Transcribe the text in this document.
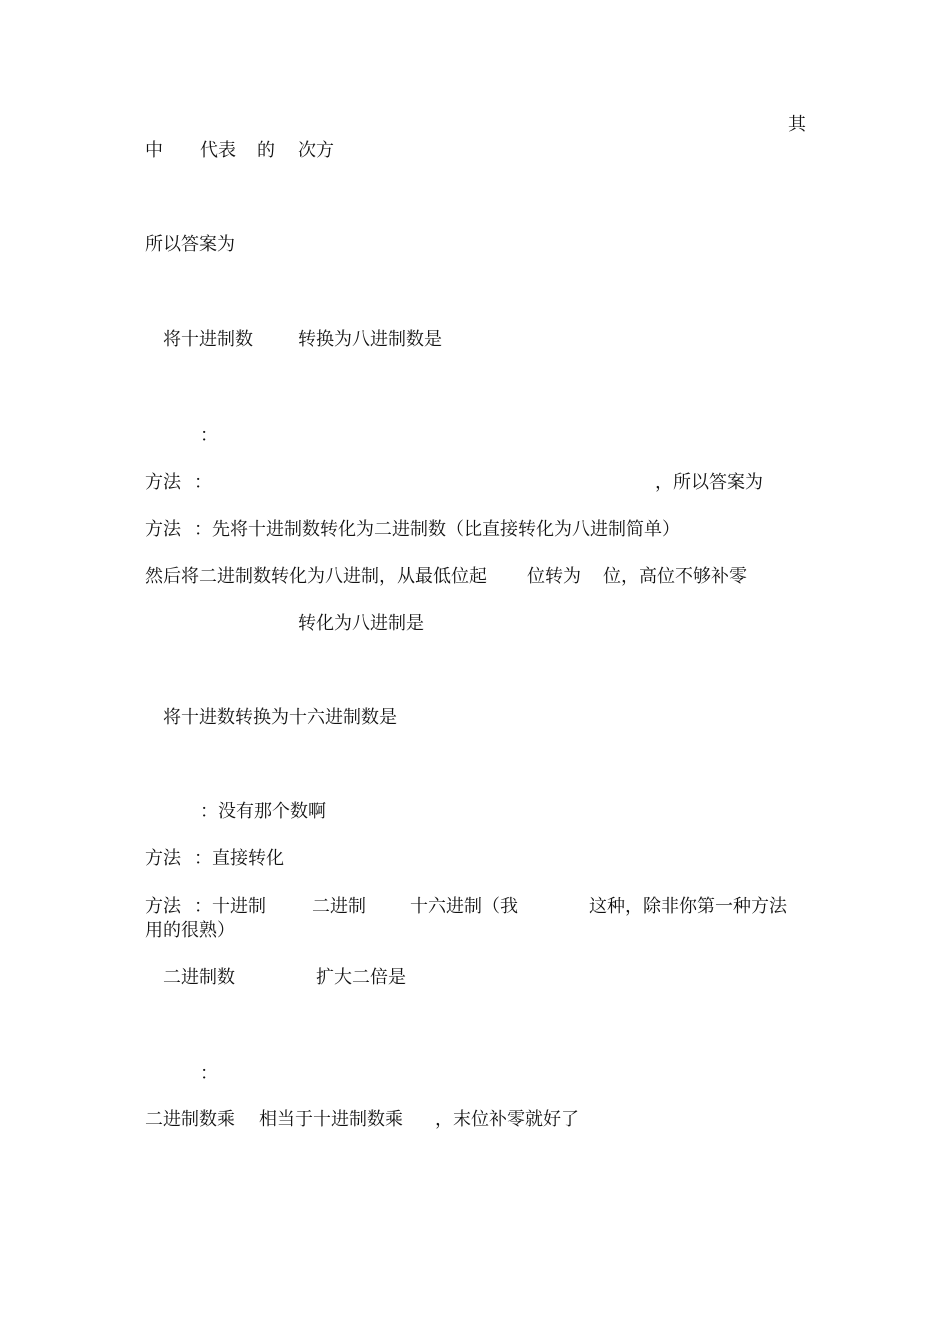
其
中 代表 的 次方
所以答案为
将十进制数	转换为八进制数是
：
方法 ：	，所以答案为
方法 ：先将十进制数转化为二进制数（比直接转化为八进制简单）
然后将二进制数转化为八进制，从最低位起 位转为 位，高位不够补零
转化为八进制是
将十进数转换为十六进制数是
：没有那个数啊
方法 ：直接转化
方法 ：十进制	二进制 十六进制（我	这种，除非你第一种方法
用的很熟）
二进制数	扩大二倍是
：
二进制数乘 相当于十进制数乘 ，末位补零就好了
